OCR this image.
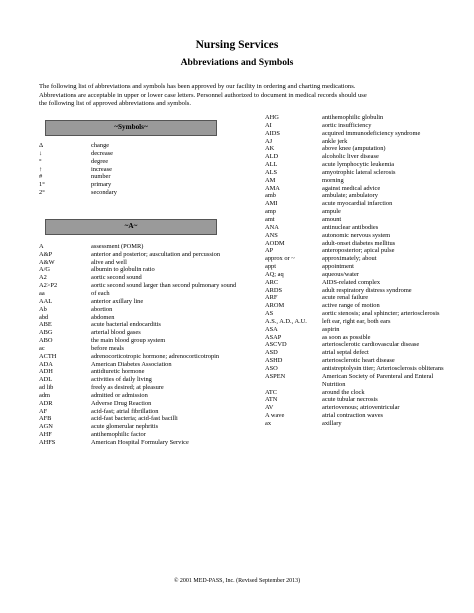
Nursing Services
Abbreviations and Symbols
The following list of abbreviations and symbols has been approved by our facility in ordering and charting medications.
Abbreviations are acceptable in upper or lower case letters. Personnel authorized to document in medical records should use
the following list of approved abbreviations and symbols.
~Symbols~
Δ	change
↓	decrease
°	degree
↑	increase
#	number
1°	primary
2°	secondary
~A~
A	assessment (POMR)
A&P	anterior and posterior; auscultation and percussion
A&W	alive and well
A/G	albumin to globulin ratio
A2	aortic second sound
A2>P2	aortic second sound larger than second pulmonary sound
aa	of each
AAL	anterior axillary line
Ab	abortion
abd	abdomen
ABE	acute bacterial endocarditis
ABG	arterial blood gases
ABO	the main blood group system
ac	before meals
ACTH	adrenocorticotropic hormone; adrenocorticotropin
ADA	American Diabetes Association
ADH	antidiuretic hormone
ADL	activities of daily living
ad lib	freely as desired; at pleasure
adm	admitted or admission
ADR	Adverse Drug Reaction
AF	acid-fast; atrial fibrillation
AFB	acid-fast bacteria; acid-fast bacilli
AGN	acute glomerular nephritis
AHF	antihemophilic factor
AHFS	American Hospital Formulary Service
AHG	antihemophilic globulin
AI	aortic insufficiency
AIDS	acquired immunodeficiency syndrome
AJ	ankle jerk
AK	above knee (amputation)
ALD	alcoholic liver disease
ALL	acute lymphocytic leukemia
ALS	amyotrophic lateral sclerosis
AM	morning
AMA	against medical advice
amb	ambulate; ambulatory
AMI	acute myocardial infarction
amp	ampule
amt	amount
ANA	antinuclear antibodies
ANS	autonomic nervous system
AODM	adult-onset diabetes mellitus
AP	anteroposterior; apical pulse
approx or ~	approximately; about
appt	appointment
AQ; aq	aqueous/water
ARC	AIDS-related complex
ARDS	adult respiratory distress syndrome
ARF	acute renal failure
AROM	active range of motion
AS	aortic stenosis; anal sphincter; arteriosclerosis
A.S., A.D., A.U.	left ear, right ear, both ears
ASA	aspirin
ASAP	as soon as possible
ASCVD	arteriosclerotic cardiovascular disease
ASD	atrial septal defect
ASHD	arteriosclerotic heart disease
ASO	antistreptolysin titer; Arteriosclerosis obliterans
ASPEN	American Society of Parenteral and Enteral Nutrition
ATC	around the clock
ATN	acute tubular necrosis
AV	arteriovenous; atrioventricular
A wave	atrial contraction waves
ax	axillary
© 2001 MED-PASS, Inc. (Revised September 2013)
